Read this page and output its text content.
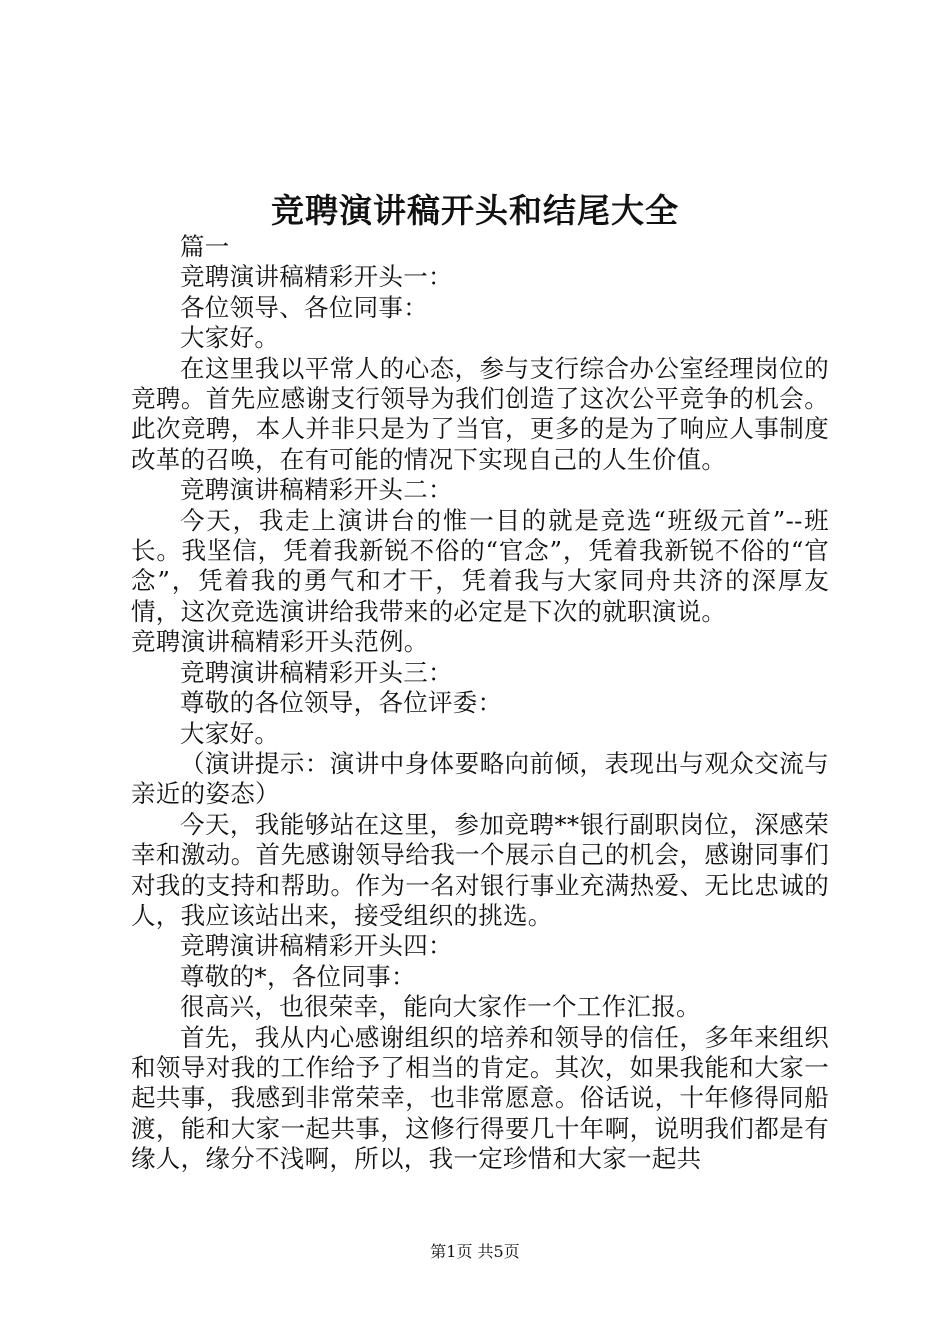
竞聘演讲稿开头和结尾大全

篇一

竞聘演讲稿精彩开头一：

各位领导、各位同事：

大家好。

在这里我以平常人的心态，参与支行综合办公室经理岗位的竞聘。首先应感谢支行领导为我们创造了这次公平竞争的机会。此次竞聘，本人并非只是为了当官，更多的是为了响应人事制度改革的召唤，在有可能的情况下实现自己的人生价值。

竞聘演讲稿精彩开头二：

今天，我走上演讲台的惟一目的就是竞选“班级元首”--班长。我坚信，凭着我新锐不俗的“官念”，凭着我新锐不俗的“官念”，凭着我的勇气和才干，凭着我与大家同舟共济的深厚友情，这次竞选演讲给我带来的必定是下次的就职演说。

竞聘演讲稿精彩开头范例。

竞聘演讲稿精彩开头三：

尊敬的各位领导，各位评委：

大家好。

（演讲提示：演讲中身体要略向前倾，表现出与观众交流与亲近的姿态）

今天，我能够站在这里，参加竞聘**银行副职岗位，深感荣幸和激动。首先感谢领导给我一个展示自己的机会，感谢同事们对我的支持和帮助。作为一名对银行事业充满热爱、无比忠诚的人，我应该站出来，接受组织的挑选。

竞聘演讲稿精彩开头四：

尊敬的*，各位同事：

很高兴，也很荣幸，能向大家作一个工作汇报。

首先，我从内心感谢组织的培养和领导的信任，多年来组织和领导对我的工作给予了相当的肯定。其次，如果我能和大家一起共事，我感到非常荣幸，也非常愿意。俗话说，十年修得同船渡，能和大家一起共事，这修行得要几十年啊，说明我们都是有缘人，缘分不浅啊，所以，我一定珍惜和大家一起共

第1页 共5页
